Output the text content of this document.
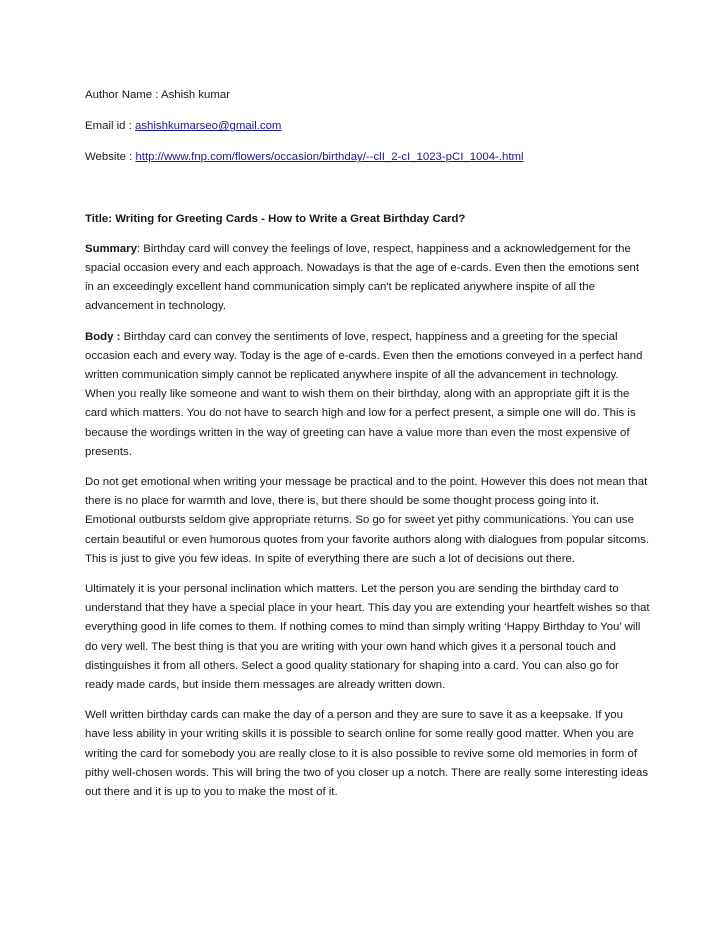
Author Name : Ashish kumar
Email id : ashishkumarseo@gmail.com
Website : http://www.fnp.com/flowers/occasion/birthday/--clI_2-cI_1023-pCI_1004-.html
Title: Writing for Greeting Cards - How to Write a Great Birthday Card?

Summary: Birthday card will convey the feelings of love, respect, happiness and a acknowledgement for the spacial occasion every and each approach. Nowadays is that the age of e-cards. Even then the emotions sent in an exceedingly excellent hand communication simply can't be replicated anywhere inspite of all the advancement in technology.

Body : Birthday card can convey the sentiments of love, respect, happiness and a greeting for the special occasion each and every way. Today is the age of e-cards. Even then the emotions conveyed in a perfect hand written communication simply cannot be replicated anywhere inspite of all the advancement in technology. When you really like someone and want to wish them on their birthday, along with an appropriate gift it is the card which matters. You do not have to search high and low for a perfect present, a simple one will do. This is because the wordings written in the way of greeting can have a value more than even the most expensive of presents.

Do not get emotional when writing your message be practical and to the point. However this does not mean that there is no place for warmth and love, there is, but there should be some thought process going into it. Emotional outbursts seldom give appropriate returns. So go for sweet yet pithy communications. You can use certain beautiful or even humorous quotes from your favorite authors along with dialogues from popular sitcoms. This is just to give you few ideas. In spite of everything there are such a lot of decisions out there.

Ultimately it is your personal inclination which matters. Let the person you are sending the birthday card to understand that they have a special place in your heart. This day you are extending your heartfelt wishes so that everything good in life comes to them. If nothing comes to mind than simply writing ‘Happy Birthday to You’ will do very well. The best thing is that you are writing with your own hand which gives it a personal touch and distinguishes it from all others. Select a good quality stationary for shaping into a card. You can also go for ready made cards, but inside them messages are already written down.

Well written birthday cards can make the day of a person and they are sure to save it as a keepsake. If you have less ability in your writing skills it is possible to search online for some really good matter. When you are writing the card for somebody you are really close to it is also possible to revive some old memories in form of pithy well-chosen words. This will bring the two of you closer up a notch. There are really some interesting ideas out there and it is up to you to make the most of it.
